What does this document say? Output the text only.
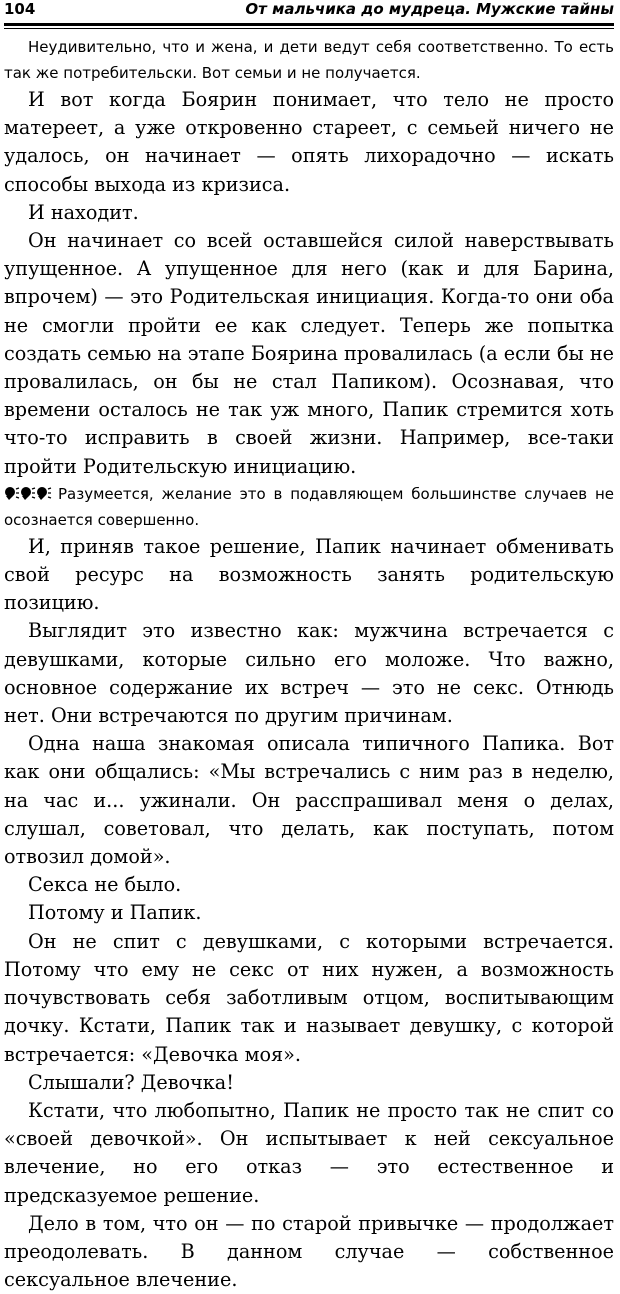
104	От мальчика до мудреца. Мужские тайны

Неудивительно, что и жена, и дети ведут себя соответственно. То есть так же потребительски. Вот семьи и не получается.

И вот когда Боярин понимает, что тело не просто матереет, а уже откровенно стареет, с семьей ничего не удалось, он начинает — опять лихорадочно — искать способы выхода из кризиса.

И находит.

Он начинает со всей оставшейся силой наверствывать упущенное. А упущенное для него (как и для Барина, впрочем) — это Родительская инициация. Когда-то они оба не смогли пройти ее как следует. Теперь же попытка создать семью на этапе Боярина провалилась (а если бы не провалилась, он бы не стал Папиком). Осознавая, что времени осталось не так уж много, Папик стремится хоть что-то исправить в своей жизни. Например, все-таки пройти Родительскую инициацию.

Разумеется, желание это в подавляющем большинстве случаев не осознается совершенно.

И, приняв такое решение, Папик начинает обменивать свой ресурс на возможность занять родительскую позицию.

Выглядит это известно как: мужчина встречается с девушками, которые сильно его моложе. Что важно, основное содержание их встреч — это не секс. Отнюдь нет. Они встречаются по другим причинам.

Одна наша знакомая описала типичного Папика. Вот как они общались: «Мы встречались с ним раз в неделю, на час и... ужинали. Он расспрашивал меня о делах, слушал, советовал, что делать, как поступать, потом отвозил домой».

Секса не было.

Потому и Папик.

Он не спит с девушками, с которыми встречается. Потому что ему не секс от них нужен, а возможность почувствовать себя заботливым отцом, воспитывающим дочку. Кстати, Папик так и называет девушку, с которой встречается: «Девочка моя».

Слышали? Девочка!

Кстати, что любопытно, Папик не просто так не спит со «своей девочкой». Он испытывает к ней сексуальное влечение, но его отказ — это естественное и предсказуемое решение.

Дело в том, что он — по старой привычке — продолжает преодолевать. В данном случае — собственное сексуальное влечение.
